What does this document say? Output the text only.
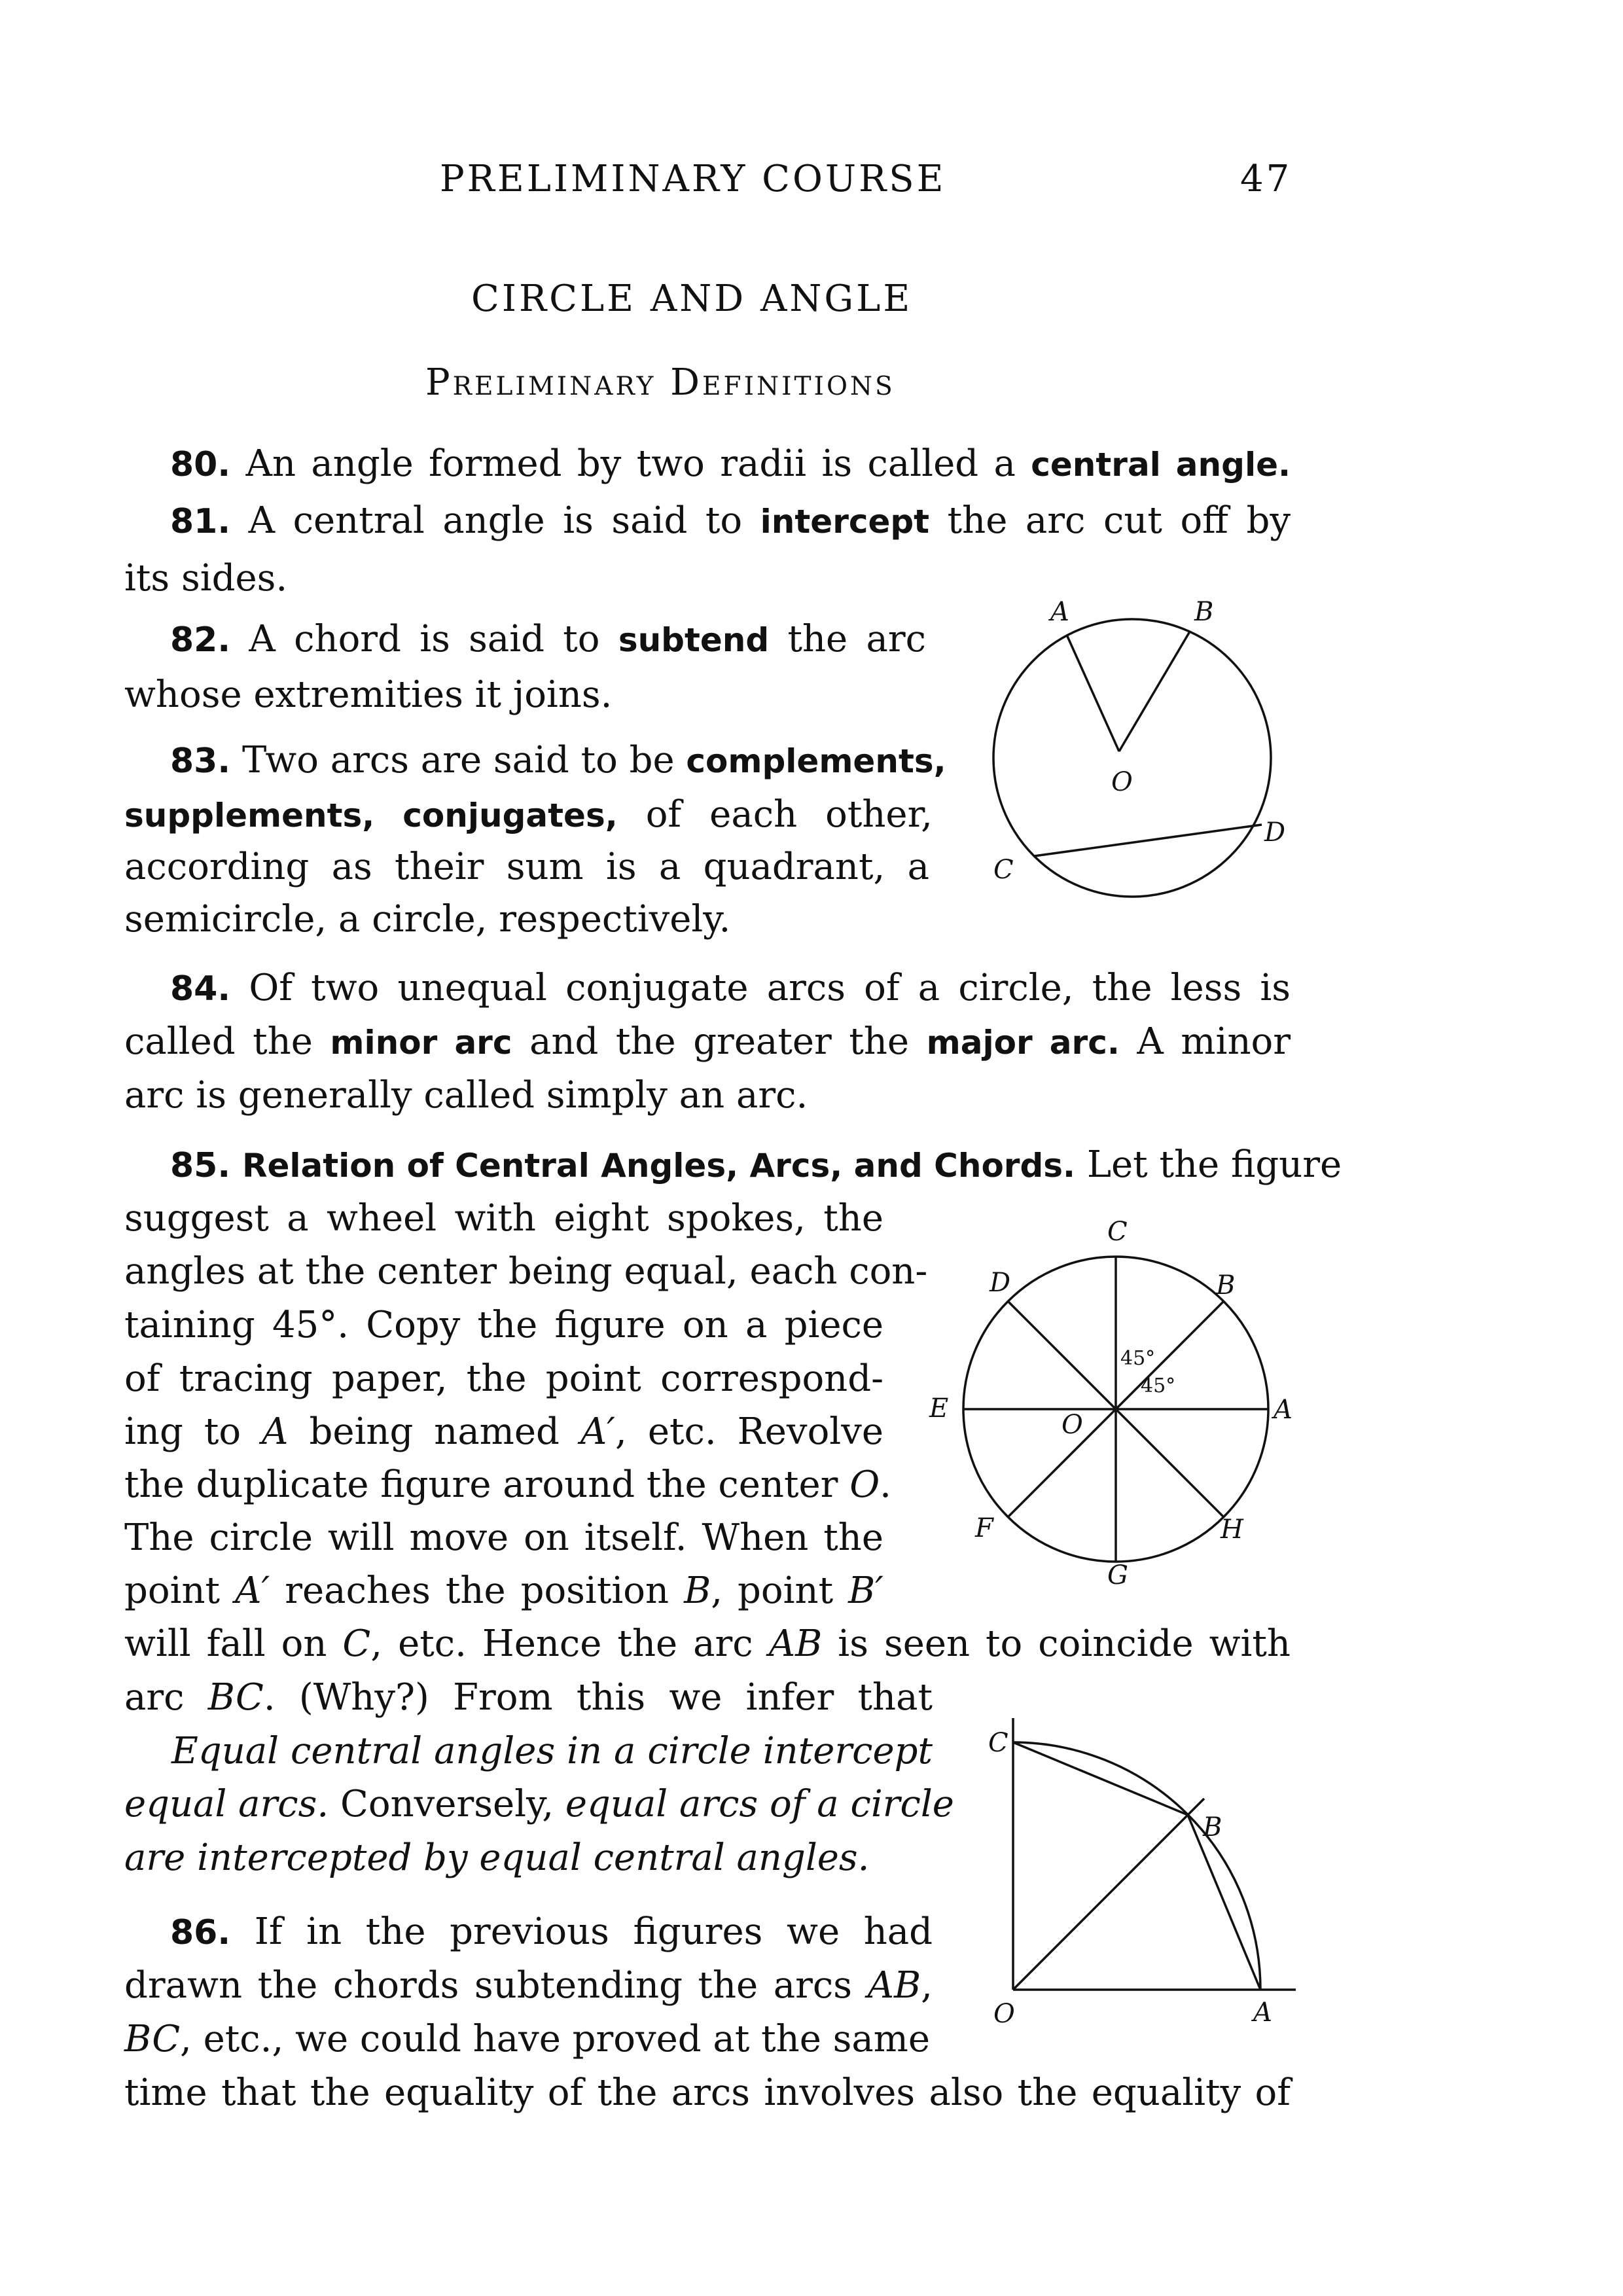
PRELIMINARY COURSE	47
CIRCLE AND ANGLE
Preliminary Definitions
80. An angle formed by two radii is called a central angle.
81. A central angle is said to intercept the arc cut off by
its sides.
82. A chord is said to subtend the arc
whose extremities it joins.
83. Two arcs are said to be complements,
supplements, conjugates, of each other,
according as their sum is a quadrant, a
semicircle, a circle, respectively.
A	B
O
C
D
84. Of two unequal conjugate arcs of a circle, the less is
called the minor arc and the greater the major arc. A minor
arc is generally called simply an arc.
85. Relation of Central Angles, Arcs, and Chords. Let the figure
suggest a wheel with eight spokes, the
angles at the center being equal, each con-
taining 45°. Copy the figure on a piece
of tracing paper, the point correspond-
ing to A being named A′, etc. Revolve
the duplicate figure around the center O.
The circle will move on itself. When the
point A′ reaches the position B, point B′
will fall on C, etc. Hence the arc AB is seen to coincide with
arc BC. (Why?) From this we infer that
Equal central angles in a circle intercept
equal arcs. Conversely, equal arcs of a circle
are intercepted by equal central angles.
C
B
D
E	A
O
F	H
G
45°
45°
C
B
O	A
86. If in the previous figures we had
drawn the chords subtending the arcs AB,
BC, etc., we could have proved at the same
time that the equality of the arcs involves also the equality of
